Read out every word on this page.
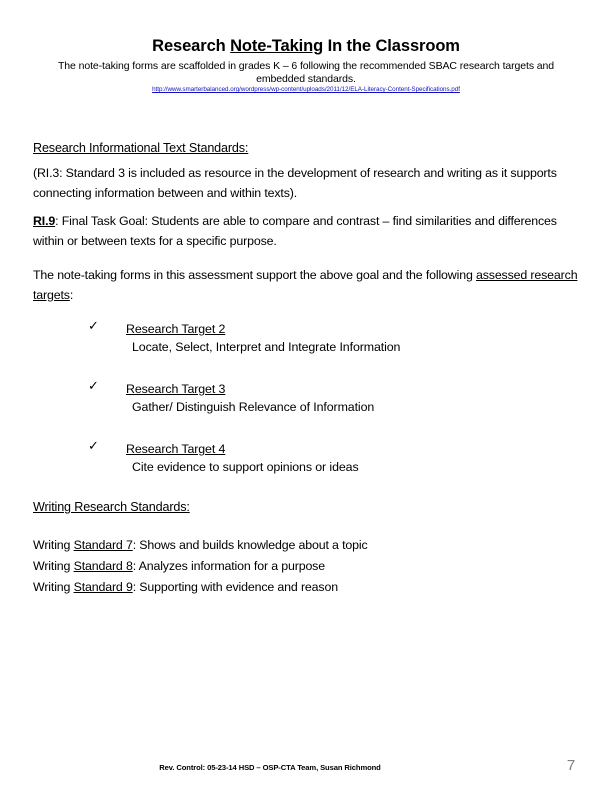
Research Note-Taking In the Classroom
The note-taking forms are scaffolded in grades K – 6 following the recommended SBAC research targets and embedded standards.
http://www.smarterbalanced.org/wordpress/wp-content/uploads/2011/12/ELA-Literacy-Content-Specifications.pdf
Research Informational Text Standards:
(RI.3: Standard 3 is included as resource in the development of research and writing as it supports connecting information between and within texts).
RI.9: Final Task Goal: Students are able to compare and contrast – find similarities and differences within or between texts for a specific purpose.
The note-taking forms in this assessment support the above goal and the following assessed research targets:
✓	Research Target 2
Locate, Select, Interpret and Integrate Information
✓	Research Target 3
Gather/ Distinguish Relevance of Information
✓	Research Target 4
Cite evidence to support opinions or ideas
Writing Research Standards:
Writing Standard 7: Shows and builds knowledge about a topic
Writing Standard 8: Analyzes information for a purpose
Writing Standard 9: Supporting with evidence and reason
Rev. Control: 05-23-14 HSD – OSP-CTA Team, Susan Richmond	7
